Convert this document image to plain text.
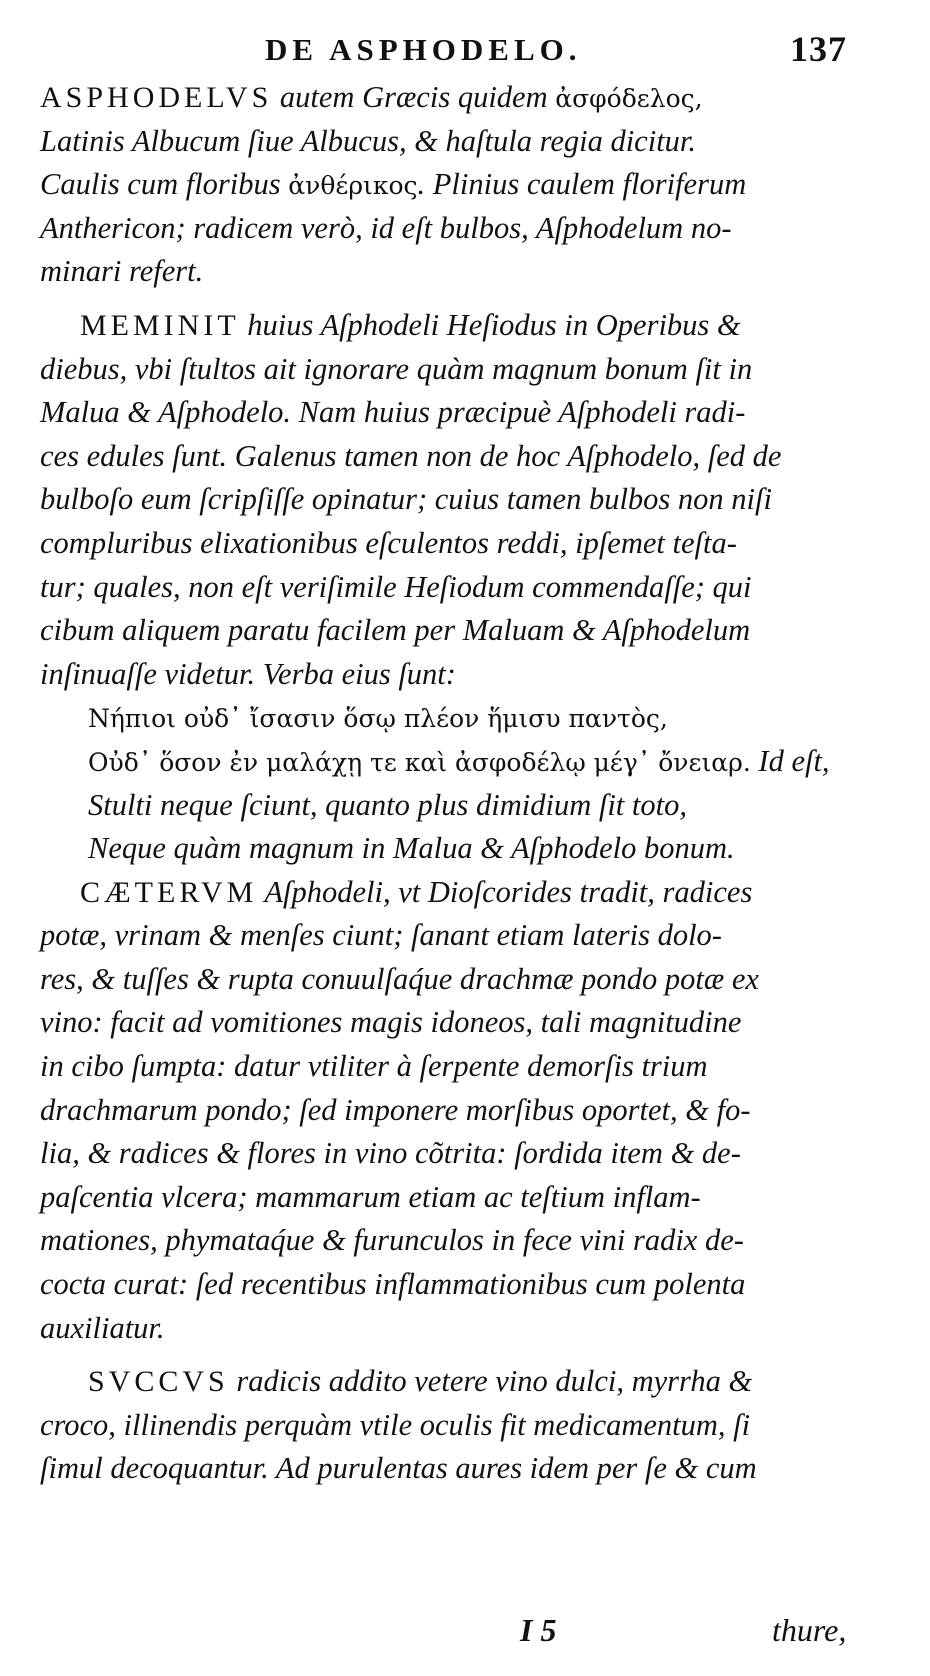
DE ASPHODELO.	137
ASPHODELVS autem Græcis quidem ἀσφόδελος,
Latinis Albucum ſiue Albucus, & haſtula regia dicitur.
Caulis cum floribus ἀνθέρικος. Plinius caulem floriferum
Anthericon; radicem verò, id eſt bulbos, Aſphodelum no-
minari refert.
MEMINIT huius Aſphodeli Heſiodus in Operibus &
diebus, vbi ſtultos ait ignorare quàm magnum bonum ſit in
Malua & Aſphodelo. Nam huius præcipuè Aſphodeli radi-
ces edules ſunt. Galenus tamen non de hoc Aſphodelo, ſed de
bulboſo eum ſcripſiſſe opinatur; cuius tamen bulbos non niſi
compluribus elixationibus eſculentos reddi, ipſemet teſta-
tur; quales, non eſt veriſimile Heſiodum commendaſſe; qui
cibum aliquem paratu facilem per Maluam & Aſphodelum
inſinuaſſe videtur. Verba eius ſunt:
Νήπιοι οὐδ᾽ ἴσασιν ὅσῳ πλέον ἥμισυ παντὸς,
Οὐδ᾽ ὅσον ἐν μαλάχῃ τε καὶ ἀσφοδέλῳ μέγ᾽ ὄνειαρ. Id eſt,
Stulti neque ſciunt, quanto plus dimidium ſit toto,
Neque quàm magnum in Malua & Aſphodelo bonum.
CÆTERVM Aſphodeli, vt Dioſcorides tradit, radices
potæ, vrinam & menſes ciunt; ſanant etiam lateris dolo-
res, & tuſſes & rupta conuulſaq́ue drachmæ pondo potæ ex
vino: facit ad vomitiones magis idoneos, tali magnitudine
in cibo ſumpta: datur vtiliter à ſerpente demorſis trium
drachmarum pondo; ſed imponere morſibus oportet, & fo-
lia, & radices & flores in vino cõtrita: ſordida item & de-
paſcentia vlcera; mammarum etiam ac teſtium inflam-
mationes, phymataq́ue & furunculos in fece vini radix de-
cocta curat: ſed recentibus inflammationibus cum polenta
auxiliatur.
SVCCVS radicis addito vetere vino dulci, myrrha &
croco, illinendis perquàm vtile oculis fit medicamentum, ſi
ſimul decoquantur. Ad purulentas aures idem per ſe & cum
I 5	thure,
